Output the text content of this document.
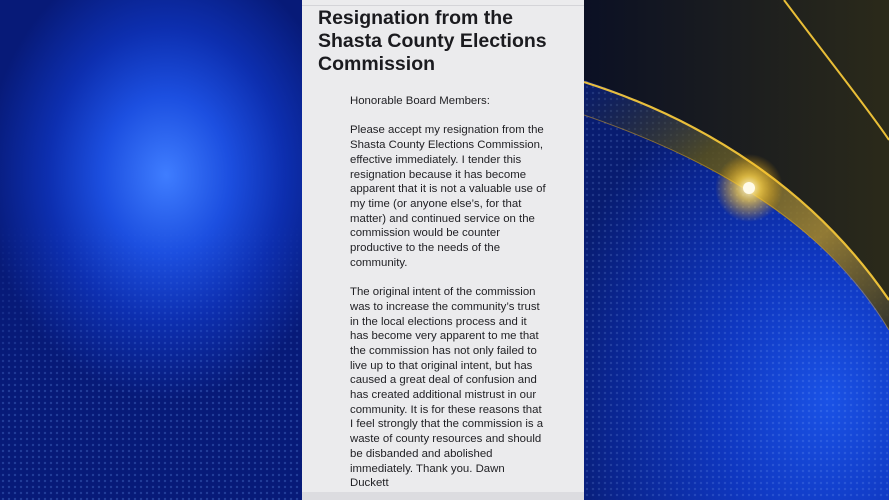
Resignation from the Shasta County Elections Commission

Honorable Board Members:

Please accept my resignation from the Shasta County Elections Commission, effective immediately. I tender this resignation because it has become apparent that it is not a valuable use of my time (or anyone else’s, for that matter) and continued service on the commission would be counter productive to the needs of the community.

The original intent of the commission was to increase the community’s trust in the local elections process and it has become very apparent to me that the commission has not only failed to live up to that original intent, but has caused a great deal of confusion and has created additional mistrust in our community. It is for these reasons that I feel strongly that the commission is a waste of county resources and should be disbanded and abolished immediately. Thank you. Dawn Duckett
